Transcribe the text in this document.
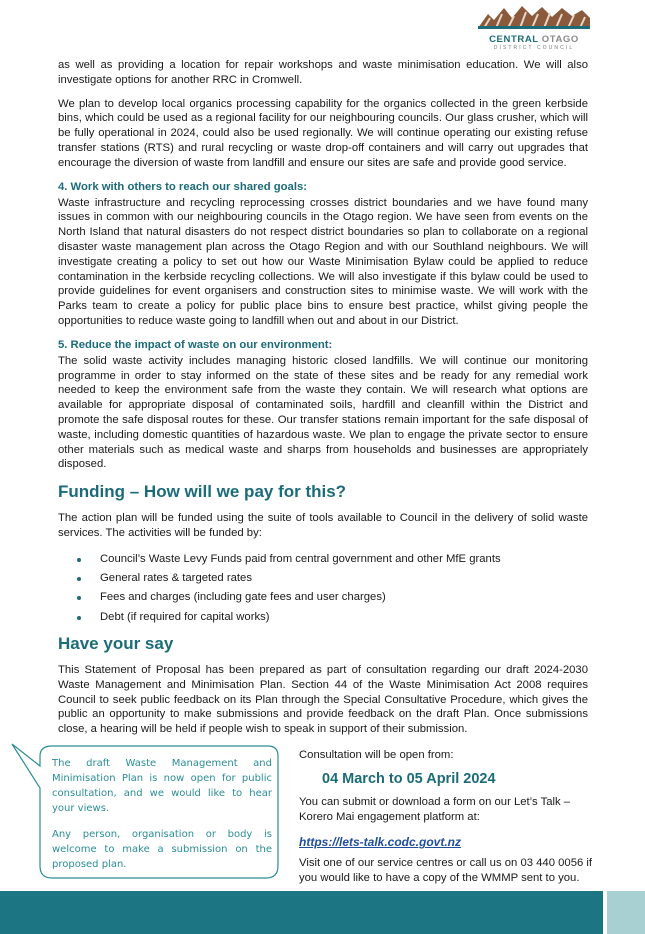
CENTRAL OTAGO
DISTRICT COUNCIL

as well as providing a location for repair workshops and waste minimisation education. We will also investigate options for another RRC in Cromwell.

We plan to develop local organics processing capability for the organics collected in the green kerbside bins, which could be used as a regional facility for our neighbouring councils. Our glass crusher, which will be fully operational in 2024, could also be used regionally. We will continue operating our existing refuse transfer stations (RTS) and rural recycling or waste drop-off containers and will carry out upgrades that encourage the diversion of waste from landfill and ensure our sites are safe and provide good service.

4. Work with others to reach our shared goals:

Waste infrastructure and recycling reprocessing crosses district boundaries and we have found many issues in common with our neighbouring councils in the Otago region. We have seen from events on the North Island that natural disasters do not respect district boundaries so plan to collaborate on a regional disaster waste management plan across the Otago Region and with our Southland neighbours. We will investigate creating a policy to set out how our Waste Minimisation Bylaw could be applied to reduce contamination in the kerbside recycling collections. We will also investigate if this bylaw could be used to provide guidelines for event organisers and construction sites to minimise waste. We will work with the Parks team to create a policy for public place bins to ensure best practice, whilst giving people the opportunities to reduce waste going to landfill when out and about in our District.

5. Reduce the impact of waste on our environment:

The solid waste activity includes managing historic closed landfills. We will continue our monitoring programme in order to stay informed on the state of these sites and be ready for any remedial work needed to keep the environment safe from the waste they contain. We will research what options are available for appropriate disposal of contaminated soils, hardfill and cleanfill within the District and promote the safe disposal routes for these. Our transfer stations remain important for the safe disposal of waste, including domestic quantities of hazardous waste. We plan to engage the private sector to ensure other materials such as medical waste and sharps from households and businesses are appropriately disposed.

Funding – How will we pay for this?

The action plan will be funded using the suite of tools available to Council in the delivery of solid waste services. The activities will be funded by:

Council’s Waste Levy Funds paid from central government and other MfE grants
General rates & targeted rates
Fees and charges (including gate fees and user charges)
Debt (if required for capital works)
Have your say

This Statement of Proposal has been prepared as part of consultation regarding our draft 2024-2030 Waste Management and Minimisation Plan. Section 44 of the Waste Minimisation Act 2008 requires Council to seek public feedback on its Plan through the Special Consultative Procedure, which gives the public an opportunity to make submissions and provide feedback on the draft Plan. Once submissions close, a hearing will be held if people wish to speak in support of their submission.

The draft Waste Management and Minimisation Plan is now open for public consultation, and we would like to hear your views.

Any person, organisation or body is welcome to make a submission on the proposed plan.

Consultation will be open from:

04 March to 05 April 2024

You can submit or download a form on our Let’s Talk – Korero Mai engagement platform at:

https://lets-talk.codc.govt.nz

Visit one of our service centres or call us on 03 440 0056 if you would like to have a copy of the WMMP sent to you.
